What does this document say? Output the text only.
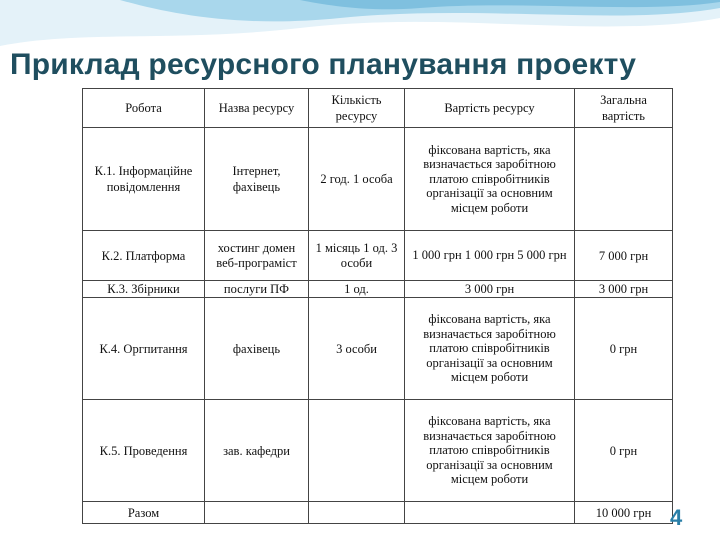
Приклад ресурсного планування проекту
Робота	Назва ресурсу	Кількість ресурсу	Вартість ресурсу	Загальна вартість
К.1. Інформаційне повідомлення	Інтернет, фахівець	2 год. 1 особа	фіксована вартість, яка визначається заробітною платою співробітників організації за основним місцем роботи	
К.2. Платформа	хостинг домен веб-програміст	1 місяць 1 од. 3 особи	1 000 грн 1 000 грн 5 000 грн	7 000 грн
К.3. Збірники	послуги ПФ	1 од.	3 000 грн	3 000 грн
К.4. Оргпитання	фахівець	3 особи	фіксована вартість, яка визначається заробітною платою співробітників організації за основним місцем роботи	0 грн
К.5. Проведення	зав. кафедри		фіксована вартість, яка визначається заробітною платою співробітників організації за основним місцем роботи	0 грн
Разом				10 000 грн 4
